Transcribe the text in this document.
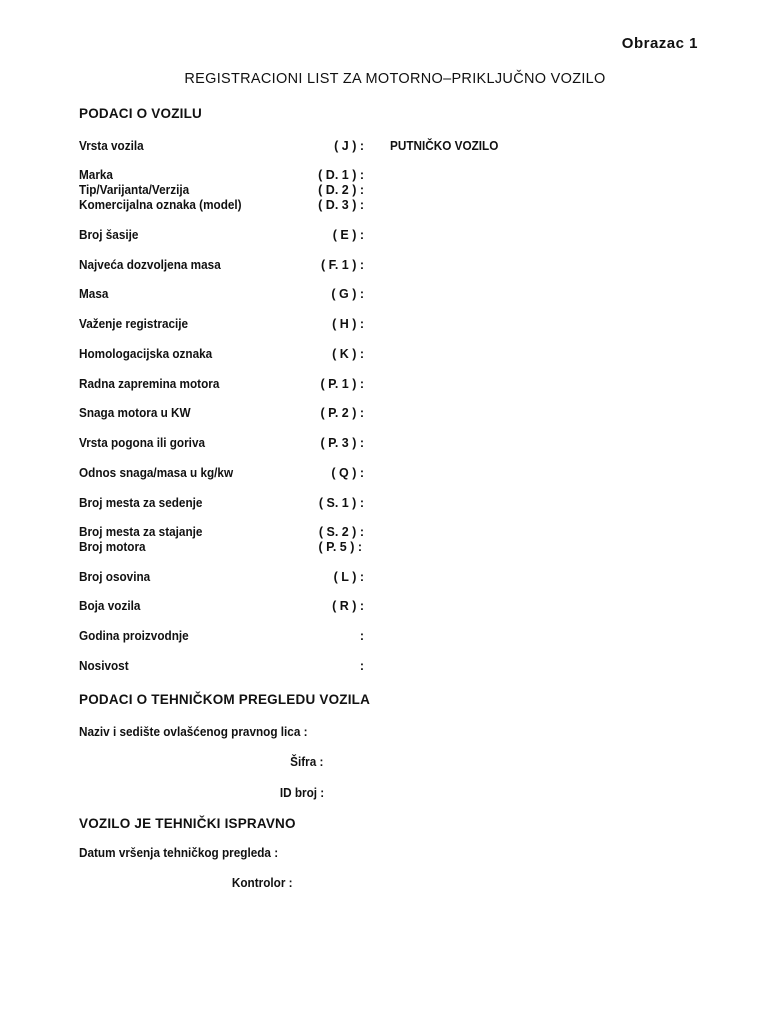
Obrazac 1
REGISTRACIONI LIST ZA MOTORNO–PRIKLJUČNO VOZILO
PODACI O VOZILU
Vrsta vozila	( J ) : PUTNIČKO VOZILO
Marka	( D. 1 ) :
Tip/Varijanta/Verzija	( D. 2 ) :
Komercijalna oznaka (model)	( D. 3 ) :
Broj šasije	( E ) :
Najveća dozvoljena masa	( F. 1 ) :
Masa	( G ) :
Važenje registracije	( H ) :
Homologacijska oznaka	( K ) :
Radna zapremina motora	( P. 1 ) :
Snaga motora u KW	( P. 2 ) :
Vrsta pogona ili goriva	( P. 3 ) :
Odnos snaga/masa u kg/kw	( Q ) :
Broj mesta za sedenje	( S. 1 ) :
Broj mesta za stajanje	( S. 2 ) :
Broj motora	( P. 5 ) :
Broj osovina	( L ) :
Boja vozila	( R ) :
Godina proizvodnje	:
Nosivost	:
PODACI O TEHNIČKOM PREGLEDU VOZILA
Naziv i sedište ovlašćenog pravnog lica :
Šifra :
ID broj :
VOZILO JE TEHNIČKI ISPRAVNO
Datum vršenja tehničkog pregleda :
Kontrolor :
